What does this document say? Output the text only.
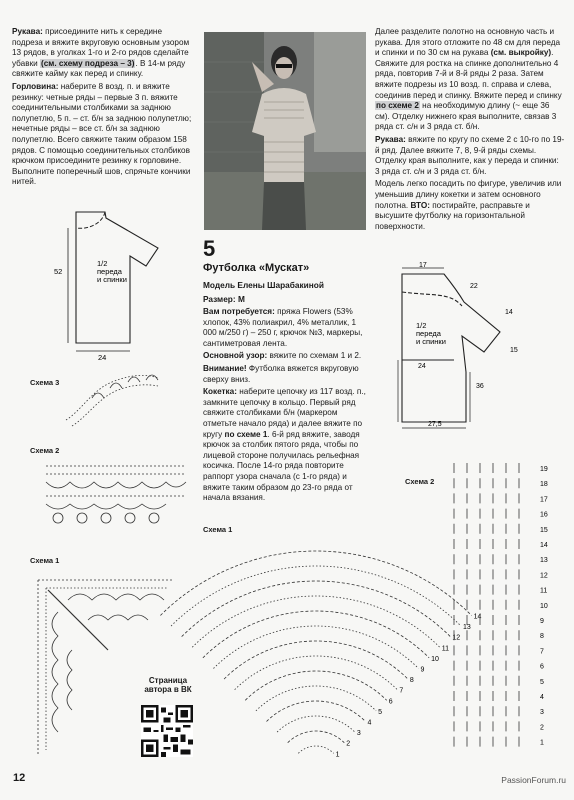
Рукава: присоедините нить к середине подреза и вяжите вкруговую основным узором 13 рядов, в уголках 1-го и 2-го рядов сделайте убавки (см. схему подреза – 3). В 14-м ряду свяжите кайму как перед и спинку.

Горловина: наберите 8 возд. п. и вяжите резинку: четные ряды – первые 3 п. вяжите соединительными столбиками за заднюю полупетлю, 5 п. – ст. б/н за заднюю полупетлю; нечетные ряды – все ст. б/н за заднюю полупетлю. Всего свяжите таким образом 158 рядов. С помощью соединительных столбиков крючком присоедините резинку к горловине. Выполните поперечный шов, спрячьте кончики нитей.

1/2
переда
и спинки
52
24
Схема 3
Схема 2
Схема 1
Страница
автора в ВК
5
Футболка «Мускат»
Модель Елены Шарабакиной
Размер: М

Вам потребуется: пряжа Flowers (53% хлопок, 43% полиакрил, 4% металлик, 1 000 м/250 г) – 250 г, крючок №3, маркеры, сантиметровая лента.

Основной узор: вяжите по схемам 1 и 2.

Внимание! Футболка вяжется вкруговую сверху вниз.

Кокетка: наберите цепочку из 117 возд. п., замкните цепочку в кольцо. Первый ряд свяжите столбиками б/н (маркером отметьте начало ряда) и далее вяжите по кругу по схеме 1. 6-й ряд вяжите, заводя крючок за столбик пятого ряда, чтобы по лицевой стороне получилась рельефная косичка. После 14-го ряда повторите раппорт узора сначала (с 1-го ряда) и вяжите таким образом до 23-го ряда от начала вязания.

Далее разделите полотно на основную часть и рукава. Для этого отложите по 48 см для переда и спинки и по 30 см на рукава (см. выкройку). Свяжите для ростка на спинке дополнительно 4 ряда, повторив 7-й и 8-й ряды 2 раза. Затем вяжите подрезы из 10 возд. п. справа и слева, соединив перед и спинку. Вяжите перед и спинку по схеме 2 на необходимую длину (~ еще 36 см). Отделку нижнего края выполните, связав 3 ряда ст. с/н и 3 ряда ст. б/н.

Рукава: вяжите по кругу по схеме 2 с 10-го по 19-й ряд. Далее вяжите 7, 8, 9-й ряды схемы. Отделку края выполните, как у переда и спинки: 3 ряда ст. с/н и 3 ряда ст. б/н.

Модель легко посадить по фигуре, увеличив или уменьшив длину кокетки и затем основного полотна. ВТО: постирайте, расправьте и высушите футболку на горизонтальной поверхности.

17
22
14
24
15
36
27,5
1/2
переда
и спинки
Схема 1
14
13
12
11
10
9
8
7
6
5
4
3
2
1
Схема 2
19
18
17
16
15
14
13
12
11
10
9
8
7
6
5
4
3
2
1
12	PassionForum.ru
